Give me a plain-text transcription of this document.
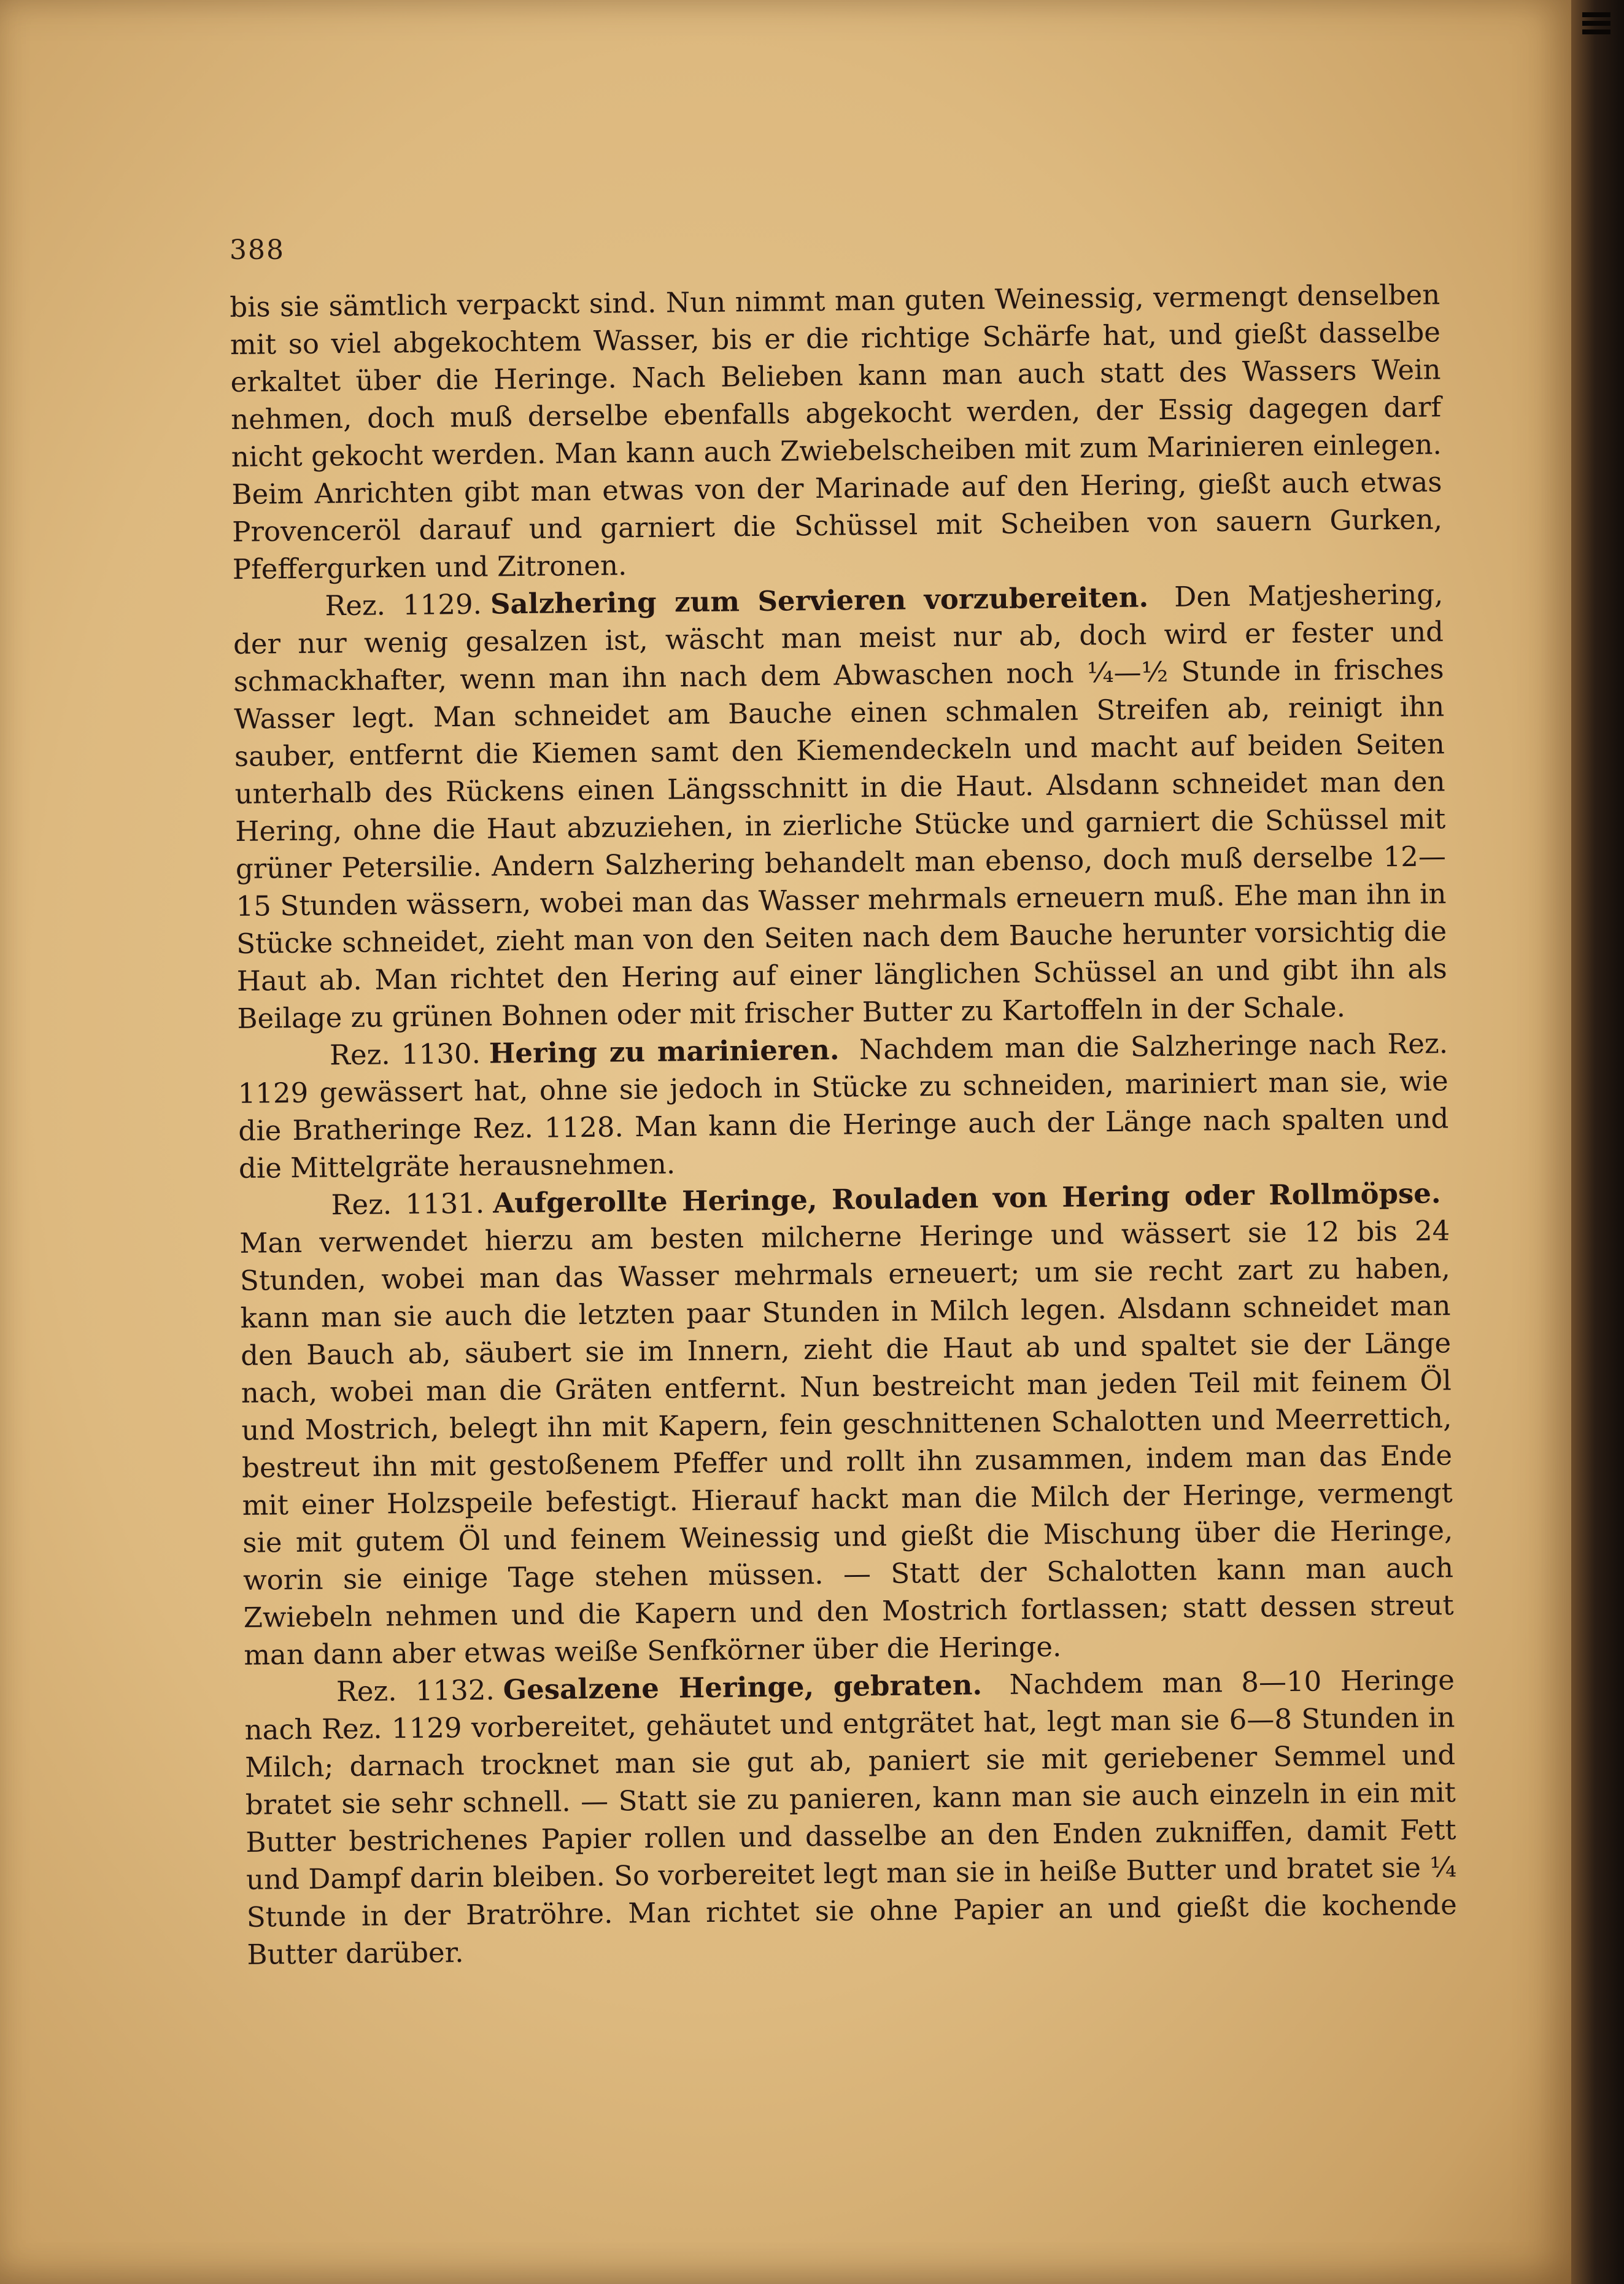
388

bis sie sämtlich verpackt sind. Nun nimmt man guten Weinessig, vermengt denselben mit so viel abgekochtem Wasser, bis er die richtige Schärfe hat, und gießt dasselbe erkaltet über die Heringe. Nach Belieben kann man auch statt des Wassers Wein nehmen, doch muß derselbe ebenfalls abgekocht werden, der Essig dagegen darf nicht gekocht werden. Man kann auch Zwiebelscheiben mit zum Marinieren einlegen. Beim Anrichten gibt man etwas von der Marinade auf den Hering, gießt auch etwas Provenceröl darauf und garniert die Schüssel mit Scheiben von sauern Gurken, Pfeffergurken und Zitronen.

Rez. 1129. Salzhering zum Servieren vorzubereiten. Den Matjeshering, der nur wenig gesalzen ist, wäscht man meist nur ab, doch wird er fester und schmackhafter, wenn man ihn nach dem Abwaschen noch ¼—½ Stunde in frisches Wasser legt. Man schneidet am Bauche einen schmalen Streifen ab, reinigt ihn sauber, entfernt die Kiemen samt den Kiemendeckeln und macht auf beiden Seiten unterhalb des Rückens einen Längsschnitt in die Haut. Alsdann schneidet man den Hering, ohne die Haut abzuziehen, in zierliche Stücke und garniert die Schüssel mit grüner Petersilie. Andern Salzhering behandelt man ebenso, doch muß derselbe 12—15 Stunden wässern, wobei man das Wasser mehrmals erneuern muß. Ehe man ihn in Stücke schneidet, zieht man von den Seiten nach dem Bauche herunter vorsichtig die Haut ab. Man richtet den Hering auf einer länglichen Schüssel an und gibt ihn als Beilage zu grünen Bohnen oder mit frischer Butter zu Kartoffeln in der Schale.

Rez. 1130. Hering zu marinieren. Nachdem man die Salzheringe nach Rez. 1129 gewässert hat, ohne sie jedoch in Stücke zu schneiden, mariniert man sie, wie die Bratheringe Rez. 1128. Man kann die Heringe auch der Länge nach spalten und die Mittelgräte herausnehmen.

Rez. 1131. Aufgerollte Heringe, Rouladen von Hering oder Rollmöpse. Man verwendet hierzu am besten milcherne Heringe und wässert sie 12 bis 24 Stunden, wobei man das Wasser mehrmals erneuert; um sie recht zart zu haben, kann man sie auch die letzten paar Stunden in Milch legen. Alsdann schneidet man den Bauch ab, säubert sie im Innern, zieht die Haut ab und spaltet sie der Länge nach, wobei man die Gräten entfernt. Nun bestreicht man jeden Teil mit feinem Öl und Mostrich, belegt ihn mit Kapern, fein geschnittenen Schalotten und Meerrettich, bestreut ihn mit gestoßenem Pfeffer und rollt ihn zusammen, indem man das Ende mit einer Holzspeile befestigt. Hierauf hackt man die Milch der Heringe, vermengt sie mit gutem Öl und feinem Weinessig und gießt die Mischung über die Heringe, worin sie einige Tage stehen müssen. — Statt der Schalotten kann man auch Zwiebeln nehmen und die Kapern und den Mostrich fortlassen; statt dessen streut man dann aber etwas weiße Senfkörner über die Heringe.

Rez. 1132. Gesalzene Heringe, gebraten. Nachdem man 8—10 Heringe nach Rez. 1129 vorbereitet, gehäutet und entgrätet hat, legt man sie 6—8 Stunden in Milch; darnach trocknet man sie gut ab, paniert sie mit geriebener Semmel und bratet sie sehr schnell. — Statt sie zu panieren, kann man sie auch einzeln in ein mit Butter bestrichenes Papier rollen und dasselbe an den Enden zukniffen, damit Fett und Dampf darin bleiben. So vorbereitet legt man sie in heiße Butter und bratet sie ¼ Stunde in der Bratröhre. Man richtet sie ohne Papier an und gießt die kochende Butter darüber.
